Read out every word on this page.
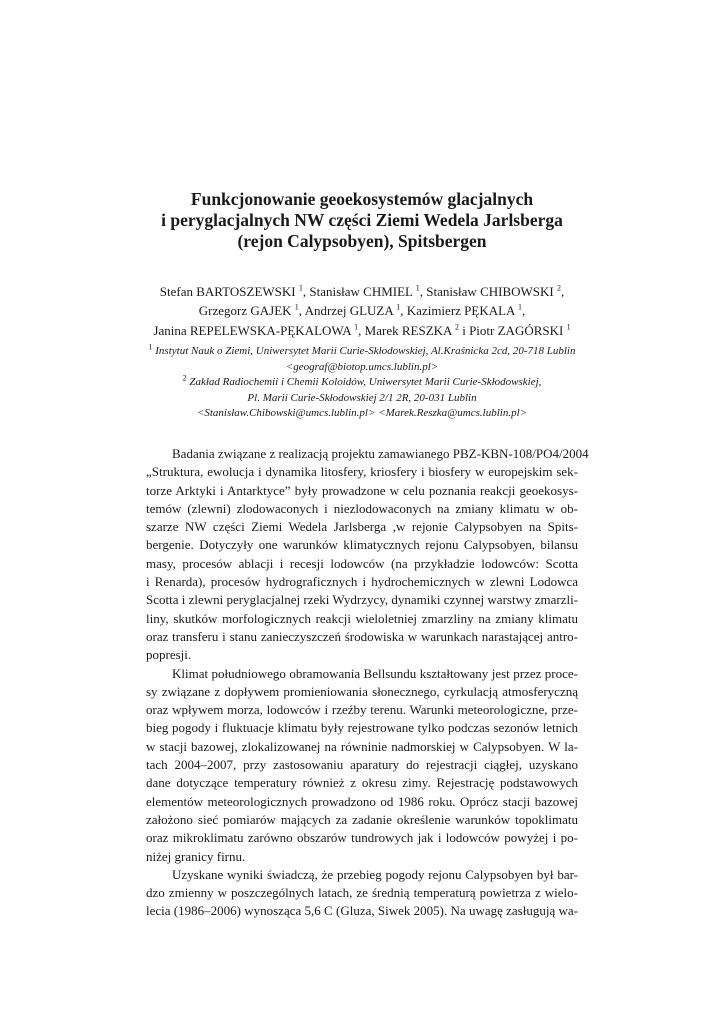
Funkcjonowanie geoekosystemów glacjalnych
i peryglacjalnych NW części Ziemi Wedela Jarlsberga
(rejon Calypsobyen), Spitsbergen
Stefan BARTOSZEWSKI $^1$, Stanisław CHMIEL $^1$, Stanisław CHIBOWSKI $^2$,
Grzegorz GAJEK $^1$, Andrzej GLUZA $^1$, Kazimierz PĘKALA $^1$,
Janina REPELEWSKA-PĘKALOWA $^1$, Marek RESZKA $^2$ i Piotr ZAGÓRSKI $^1$
$^1$ Instytut Nauk o Ziemi, Uniwersytet Marii Curie-Skłodowskiej, Al.Kraśnicka 2cd, 20-718 Lublin
<geograf@biotop.umcs.lublin.pl>
$^2$ Zakład Radiochemii i Chemii Koloidów, Uniwersytet Marii Curie-Skłodowskiej,
Pl. Marii Curie-Skłodowskiej 2/1 2R, 20-031 Lublin
<Stanisław.Chibowski@umcs.lublin.pl> <Marek.Reszka@umcs.lublin.pl>
Badania związane z realizacją projektu zamawianego PBZ-KBN-108/PO4/2004
„Struktura, ewolucja i dynamika litosfery, kriosfery i biosfery w europejskim sek-
torze Arktyki i Antarktyce” były prowadzone w celu poznania reakcji geoekosys-
temów (zlewni) zlodowaconych i niezlodowaconych na zmiany klimatu w ob-
szarze NW części Ziemi Wedela Jarlsberga ,w rejonie Calypsobyen na Spits-
bergenie. Dotyczyły one warunków klimatycznych rejonu Calypsobyen, bilansu
masy, procesów ablacji i recesji lodowców (na przykładzie lodowców: Scotta
i Renarda), procesów hydrograficznych i hydrochemicznych w zlewni Lodowca
Scotta i zlewni peryglacjalnej rzeki Wydrzycy, dynamiki czynnej warstwy zmarzli-
liny, skutków morfologicznych reakcji wieloletniej zmarzliny na zmiany klimatu
oraz transferu i stanu zanieczyszczeń środowiska w warunkach narastającej antro-
popresji.
Klimat południowego obramowania Bellsundu kształtowany jest przez proce-
sy związane z dopływem promieniowania słonecznego, cyrkulacją atmosferyczną
oraz wpływem morza, lodowców i rzeźby terenu. Warunki meteorologiczne, prze-
bieg pogody i fluktuacje klimatu były rejestrowane tylko podczas sezonów letnich
w stacji bazowej, zlokalizowanej na równinie nadmorskiej w Calypsobyen. W la-
tach 2004–2007, przy zastosowaniu aparatury do rejestracji ciągłej, uzyskano
dane dotyczące temperatury również z okresu zimy. Rejestrację podstawowych
elementów meteorologicznych prowadzono od 1986 roku. Oprócz stacji bazowej
założono sieć pomiarów mających za zadanie określenie warunków topoklimatu
oraz mikroklimatu zarówno obszarów tundrowych jak i lodowców powyżej i po-
niżej granicy firnu.
Uzyskane wyniki świadczą, że przebieg pogody rejonu Calypsobyen był bar-
dzo zmienny w poszczególnych latach, ze średnią temperaturą powietrza z wielo-
lecia (1986–2006) wynosząca 5,6 C (Gluza, Siwek 2005). Na uwagę zasługują wa-
